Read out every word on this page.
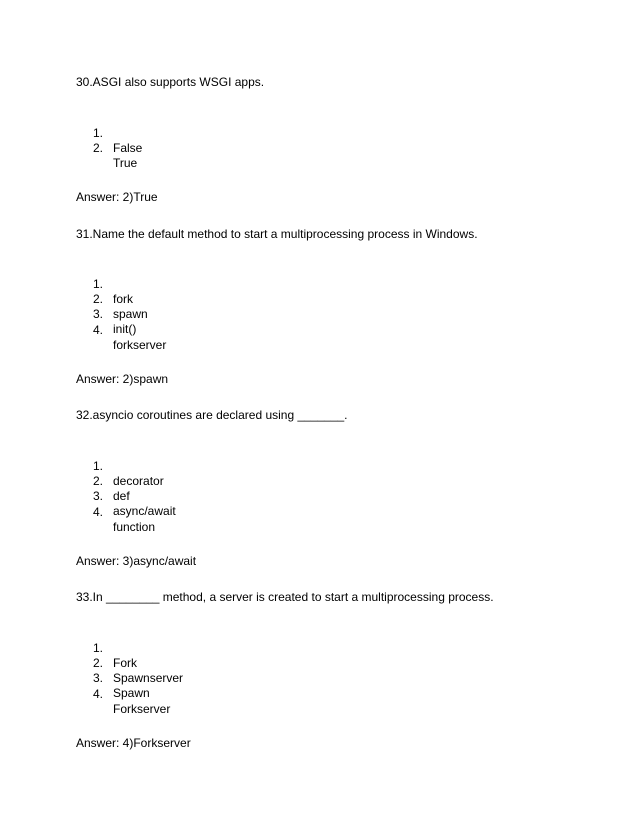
30.ASGI also supports WSGI apps.

1.

False

2.

True

Answer: 2)True
31.Name the default method to start a multiprocessing process in Windows.

1.

fork

2.

spawn

3.

init()

4.

forkserver

Answer: 2)spawn
32.asyncio coroutines are declared using _______.

1.

decorator

2.

def

3.

async/await

4.

function

Answer: 3)async/await
33.In ________ method, a server is created to start a multiprocessing process.

1.

Fork

2.

Spawnserver

3.

Spawn

4.

Forkserver

Answer: 4)Forkserver
